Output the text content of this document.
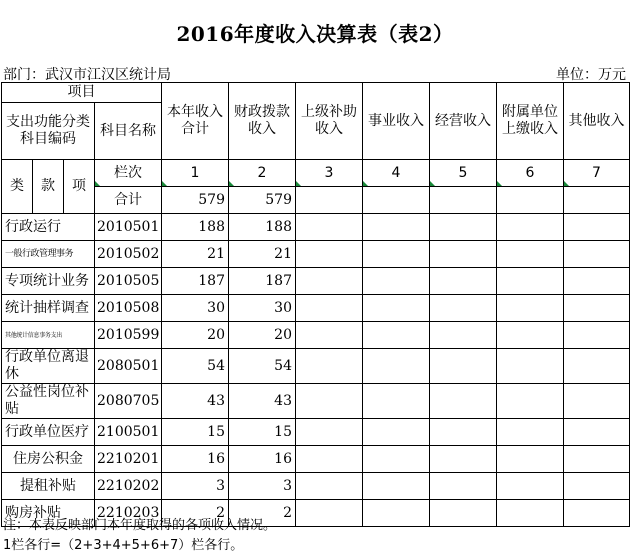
2016年度收入决算表（表2）
部门：武汉市江汉区统计局	单位：万元
项目				本年收入合计	财政拨款收入	上级补助收入	事业收入	经营收入	附属单位上缴收入	其他收入
支出功能分类科目编码			科目名称							
类	款	项	栏次	1	2	3	4	5	6	7
			合计	579	579					
行政运行			2010501	188	188					
一般行政管理事务			2010502	21	21					
专项统计业务			2010505	187	187					
统计抽样调查			2010508	30	30					
其他统计信息事务支出			2010599	20	20					
行政单位离退休			2080501	54	54					
公益性岗位补贴			2080705	43	43					
行政单位医疗			2100501	15	15					
住房公积金			2210201	16	16					
提租补贴			2210202	3	3					
购房补贴			2210203	2	2					
注：本表反映部门本年度取得的各项收入情况。
1栏各行=（2+3+4+5+6+7）栏各行。
